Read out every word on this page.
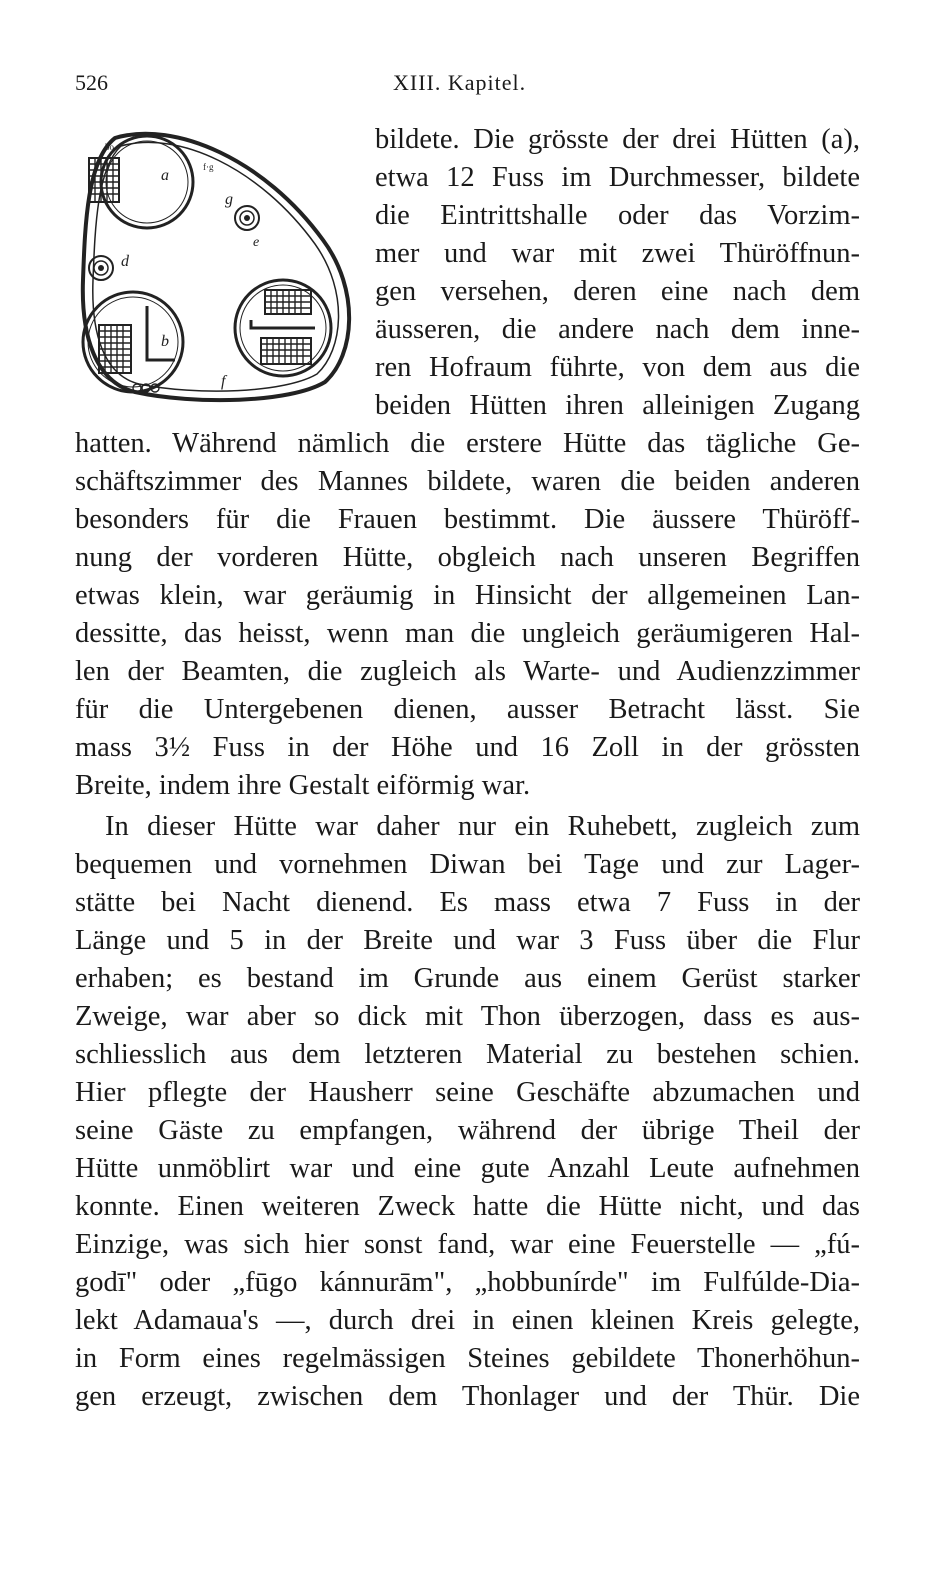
526	XIII. Kapitel.
a
b
d
e
f
g
bo
f·g
bildete. Die grösste der drei Hütten (a),
etwa 12 Fuss im Durchmesser, bildete
die Eintrittshalle oder das Vorzim-
mer und war mit zwei Thüröffnun-
gen versehen, deren eine nach dem
äusseren, die andere nach dem inne-
ren Hofraum führte, von dem aus die
beiden Hütten ihren alleinigen Zugang
hatten. Während nämlich die erstere Hütte das tägliche Ge-
schäftszimmer des Mannes bildete, waren die beiden anderen
besonders für die Frauen bestimmt. Die äussere Thüröff-
nung der vorderen Hütte, obgleich nach unseren Begriffen
etwas klein, war geräumig in Hinsicht der allgemeinen Lan-
dessitte, das heisst, wenn man die ungleich geräumigeren Hal-
len der Beamten, die zugleich als Warte- und Audienzzimmer
für die Untergebenen dienen, ausser Betracht lässt. Sie
mass 3½ Fuss in der Höhe und 16 Zoll in der grössten
Breite, indem ihre Gestalt eiförmig war.
In dieser Hütte war daher nur ein Ruhebett, zugleich zum
bequemen und vornehmen Diwan bei Tage und zur Lager-
stätte bei Nacht dienend. Es mass etwa 7 Fuss in der
Länge und 5 in der Breite und war 3 Fuss über die Flur
erhaben; es bestand im Grunde aus einem Gerüst starker
Zweige, war aber so dick mit Thon überzogen, dass es aus-
schliesslich aus dem letzteren Material zu bestehen schien.
Hier pflegte der Hausherr seine Geschäfte abzumachen und
seine Gäste zu empfangen, während der übrige Theil der
Hütte unmöblirt war und eine gute Anzahl Leute aufnehmen
konnte. Einen weiteren Zweck hatte die Hütte nicht, und das
Einzige, was sich hier sonst fand, war eine Feuerstelle — „fú-
godī" oder „fūgo kánnurām", „hobbunírde" im Fulfúlde-Dia-
lekt Adamaua's —, durch drei in einen kleinen Kreis gelegte,
in Form eines regelmässigen Steines gebildete Thonerhöhun-
gen erzeugt, zwischen dem Thonlager und der Thür. Die
